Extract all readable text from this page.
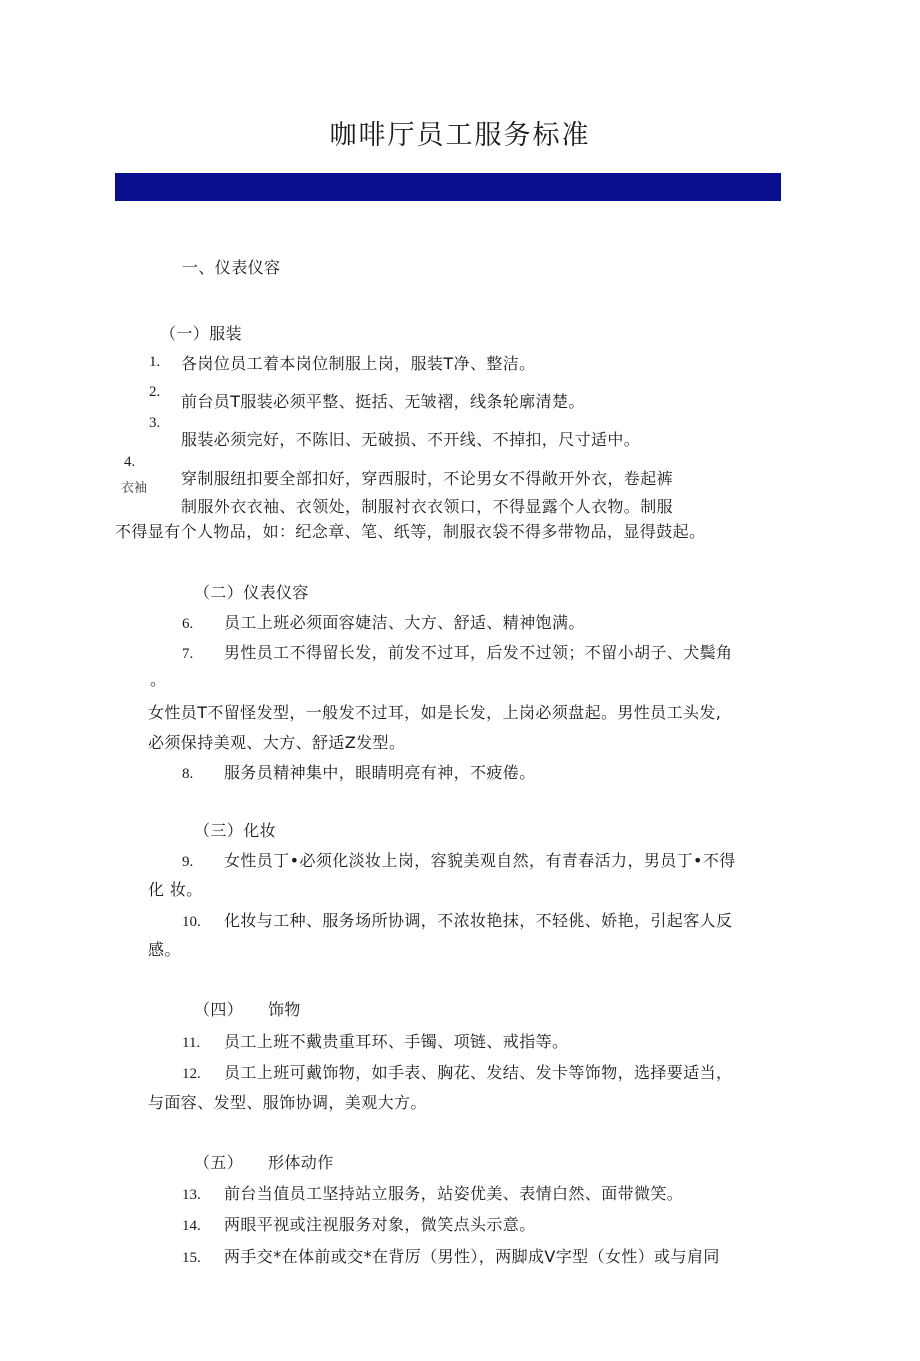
咖啡厅员工服务标准
一、仪表仪容
（一）服装
1. 各岗位员工着本岗位制服上岗，服装T净、整洁。
2. 前台员T服装必须平整、挺括、无皱褶，线条轮廓清楚。
3.
服装必须完好，不陈旧、无破损、不开线、不掉扣，尺寸适中。
4.
穿制服纽扣要全部扣好，穿西服时，不论男女不得敞开外衣，卷起裤
衣袖
制服外衣衣袖、衣领处，制服衬衣衣领口，不得显露个人衣物。制服
不得显有个人物品，如：纪念章、笔、纸等，制服衣袋不得多带物品，显得鼓起。
（二）仪表仪容
6. 员工上班必须面容婕洁、大方、舒适、精神饱满。
7. 男性员工不得留长发，前发不过耳，后发不过领；不留小胡子、犬鬓角
。
女性员T不留怪发型，一般发不过耳，如是长发，上岗必须盘起。男性员工头发,
必须保持美观、大方、舒适Z发型。
8. 服务员精神集中，眼睛明亮有神，不疲倦。
（三）化妆
9. 女性员丁•必须化淡妆上岗，容貌美观自然，有青春活力，男员丁•不得
化 妆。
10. 化妆与工种、服务场所协调，不浓妆艳抹，不轻佻、娇艳，引起客人反
感。
（四） 饰物
11. 员工上班不戴贵重耳环、手镯、项链、戒指等。
12. 员工上班可戴饰物，如手表、胸花、发结、发卡等饰物，选择要适当，
与面容、发型、服饰协调，美观大方。
（五） 形体动作
13. 前台当值员工坚持站立服务，站姿优美、表情白然、面带微笑。
14. 两眼平视或注视服务对象，微笑点头示意。
15. 两手交*在体前或交*在背厉（男性），两脚成V字型（女性）或与肩同
